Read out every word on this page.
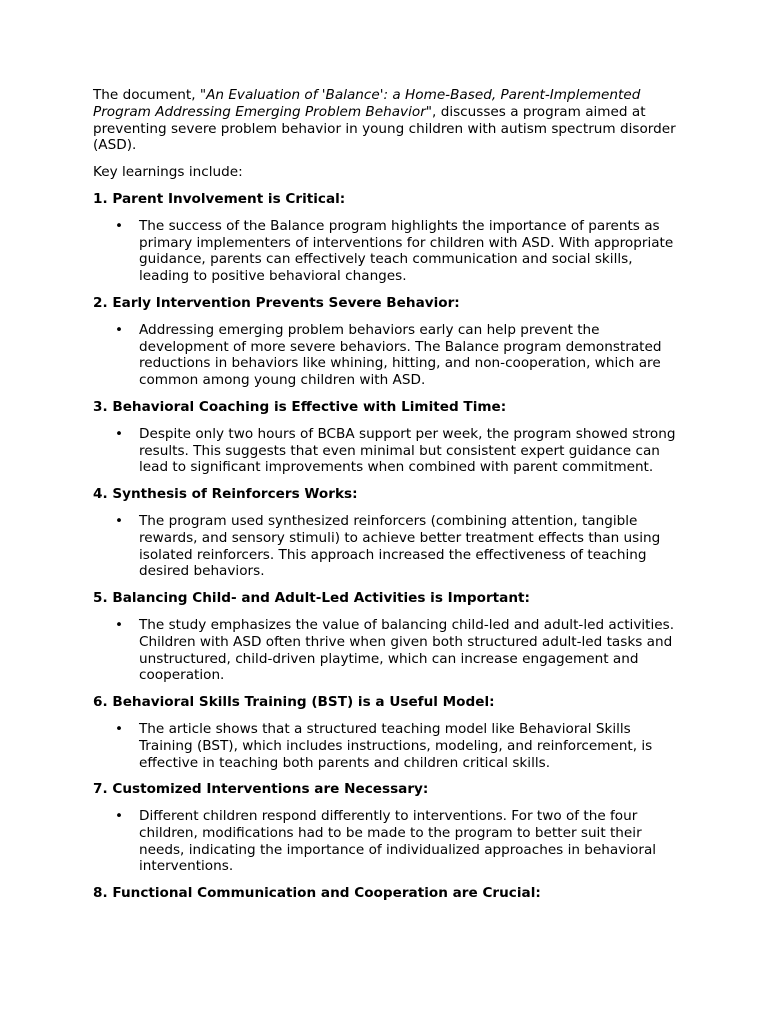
The document, "An Evaluation of 'Balance': a Home-Based, Parent-Implemented Program Addressing Emerging Problem Behavior", discusses a program aimed at preventing severe problem behavior in young children with autism spectrum disorder (ASD).

Key learnings include:

1. Parent Involvement is Critical:

• The success of the Balance program highlights the importance of parents as primary implementers of interventions for children with ASD. With appropriate guidance, parents can effectively teach communication and social skills, leading to positive behavioral changes.

2. Early Intervention Prevents Severe Behavior:

• Addressing emerging problem behaviors early can help prevent the development of more severe behaviors. The Balance program demonstrated reductions in behaviors like whining, hitting, and non-cooperation, which are common among young children with ASD.

3. Behavioral Coaching is Effective with Limited Time:

• Despite only two hours of BCBA support per week, the program showed strong results. This suggests that even minimal but consistent expert guidance can lead to significant improvements when combined with parent commitment.

4. Synthesis of Reinforcers Works:

• The program used synthesized reinforcers (combining attention, tangible rewards, and sensory stimuli) to achieve better treatment effects than using isolated reinforcers. This approach increased the effectiveness of teaching desired behaviors.

5. Balancing Child- and Adult-Led Activities is Important:

• The study emphasizes the value of balancing child-led and adult-led activities. Children with ASD often thrive when given both structured adult-led tasks and unstructured, child-driven playtime, which can increase engagement and cooperation.

6. Behavioral Skills Training (BST) is a Useful Model:

• The article shows that a structured teaching model like Behavioral Skills Training (BST), which includes instructions, modeling, and reinforcement, is effective in teaching both parents and children critical skills.

7. Customized Interventions are Necessary:

• Different children respond differently to interventions. For two of the four children, modifications had to be made to the program to better suit their needs, indicating the importance of individualized approaches in behavioral interventions.

8. Functional Communication and Cooperation are Crucial:
